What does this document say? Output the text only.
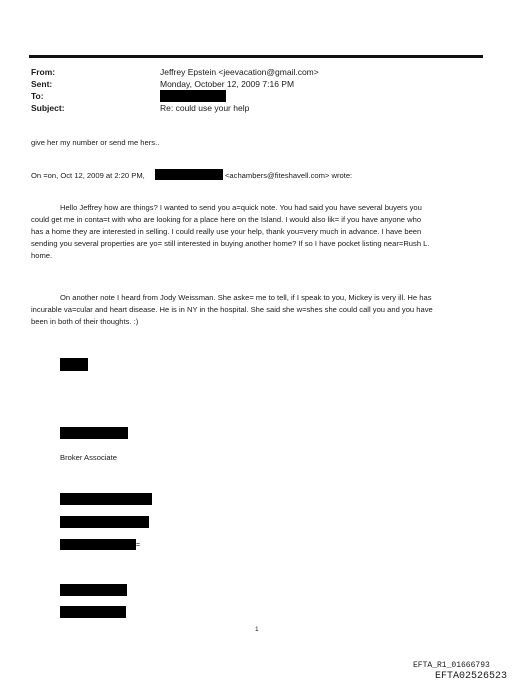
From:	Jeffrey Epstein <jeevacation@gmail.com>
Sent:	Monday, October 12, 2009 7:16 PM
To:
Subject:	Re: could use your help
give her my number or send me hers..
On =on, Oct 12, 2009 at 2:20 PM,	<achambers@fiteshavell.com> wrote:
Hello Jeffrey how are things? I wanted to send you a=quick note. You had said you have several buyers you
could get me in conta=t with who are looking for a place here on the Island. I would also lik= if you have anyone who
has a home they are interested in selling. I could really use your help, thank you=very much in advance. I have been
sending you several properties are yo= still interested in buying another home? If so I have pocket listing near=Rush L.
home.
On another note I heard from Jody Weissman. She aske= me to tell, if I speak to you, Mickey is very ill. He has
incurable va=cular and heart disease. He is in NY in the hospital. She said she w=shes she could call you and you have
been in both of their thoughts. :)
Broker Associate
=
1
EFTA_R1_01666793
EFTA02526523
